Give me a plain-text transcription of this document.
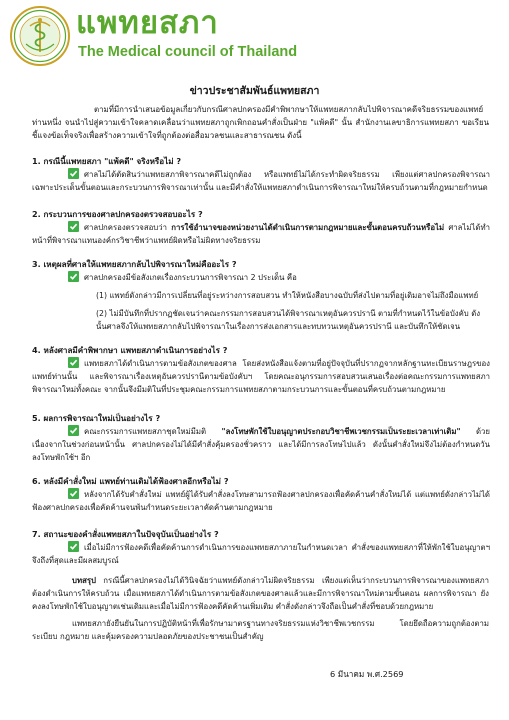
แพทยสภา
The Medical council of Thailand
ข่าวประชาสัมพันธ์แพทยสภา
ตามที่มีการนำเสนอข้อมูลเกี่ยวกับกรณีศาลปกครองมีคำพิพากษาให้แพทยสภากลับไปพิจารณาคดีจริยธรรมของแพทย์ท่านหนึ่ง จนนำไปสู่ความเข้าใจคลาดเคลื่อนว่าแพทยสภาถูกเพิกถอนคำสั่งเป็นฝ่าย "แพ้คดี" นั้น สำนักงานเลขาธิการแพทยสภา ขอเรียนชี้แจงข้อเท็จจริงเพื่อสร้างความเข้าใจที่ถูกต้องต่อสื่อมวลชนและสาธารณชน ดังนี้
1. กรณีนี้แพทยสภา "แพ้คดี" จริงหรือไม่ ?
ศาลไม่ได้ตัดสินว่าแพทยสภาพิจารณาคดีไม่ถูกต้อง หรือแพทย์ไม่ได้กระทำผิดจริยธรรม เพียงแต่ศาลปกครองพิจารณาเฉพาะประเด็นขั้นตอนและกระบวนการพิจารณาเท่านั้น และมีคำสั่งให้แพทยสภาดำเนินการพิจารณาใหม่ให้ครบถ้วนตามที่กฎหมายกำหนด
2. กระบวนการของศาลปกครองตรวจสอบอะไร ?
ศาลปกครองตรวจสอบว่า การใช้อำนาจของหน่วยงานได้ดำเนินการตามกฎหมายและขั้นตอนครบถ้วนหรือไม่ ศาลไม่ได้ทำหน้าที่พิจารณาแทนองค์กรวิชาชีพว่าแพทย์ผิดหรือไม่ผิดทางจริยธรรม
3. เหตุผลที่ศาลให้แพทยสภากลับไปพิจารณาใหม่คืออะไร ?
ศาลปกครองมีข้อสังเกตเรื่องกระบวนการพิจารณา 2 ประเด็น คือ
(1) แพทย์ดังกล่าวมีการเปลี่ยนที่อยู่ระหว่างการสอบสวน ทำให้หนังสือบางฉบับที่ส่งไปตามที่อยู่เดิมอาจไม่ถึงมือแพทย์
(2) ไม่มีบันทึกที่ปรากฏชัดเจนว่าคณะกรรมการสอบสวนได้พิจารณาเหตุอันควรปรานี ตามที่กำหนดไว้ในข้อบังคับ ดังนั้นศาลจึงให้แพทยสภากลับไปพิจารณาในเรื่องการส่งเอกสารและทบทวนเหตุอันควรปรานี และบันทึกให้ชัดเจน
4. หลังศาลมีคำพิพากษา แพทยสภาดำเนินการอย่างไร ?
แพทยสภาได้ดำเนินการตามข้อสังเกตของศาล โดยส่งหนังสือแจ้งตามที่อยู่ปัจจุบันที่ปรากฏจากหลักฐานทะเบียนราษฎรของแพทย์ท่านนั้น และพิจารณาเรื่องเหตุอันควรปรานีตามข้อบังคับฯ โดยคณะอนุกรรมการสอบสวนเสนอเรื่องต่อคณะกรรมการแพทยสภาพิจารณาใหม่ทั้งคณะ จากนั้นจึงมีมติในที่ประชุมคณะกรรมการแพทยสภาตามกระบวนการและขั้นตอนที่ครบถ้วนตามกฎหมาย
5. ผลการพิจารณาใหม่เป็นอย่างไร ?
คณะกรรมการแพทยสภาชุดใหม่มีมติ "ลงโทษพักใช้ใบอนุญาตประกอบวิชาชีพเวชกรรมเป็นระยะเวลาเท่าเดิม" ด้วยเนื่องจากในช่วงก่อนหน้านั้น ศาลปกครองไม่ได้มีคำสั่งคุ้มครองชั่วคราว และได้มีการลงโทษไปแล้ว ดังนั้นคำสั่งใหม่จึงไม่ต้องกำหนดวันลงโทษพักใช้ฯ อีก
6. หลังมีคำสั่งใหม่ แพทย์ท่านเดิมได้ฟ้องศาลอีกหรือไม่ ?
หลังจากได้รับคำสั่งใหม่ แพทย์ผู้ได้รับคำสั่งลงโทษสามารถฟ้องศาลปกครองเพื่อคัดค้านคำสั่งใหม่ได้ แต่แพทย์ดังกล่าวไม่ได้ฟ้องศาลปกครองเพื่อคัดค้านจนพ้นกำหนดระยะเวลาคัดค้านตามกฎหมาย
7. สถานะของคำสั่งแพทยสภาในปัจจุบันเป็นอย่างไร ?
เมื่อไม่มีการฟ้องคดีเพื่อคัดค้านการดำเนินการของแพทยสภาภายในกำหนดเวลา คำสั่งของแพทยสภาที่ให้พักใช้ใบอนุญาตฯ จึงถึงที่สุดและมีผลสมบูรณ์
บทสรุป กรณีนี้ศาลปกครองไม่ได้วินิจฉัยว่าแพทย์ดังกล่าวไม่ผิดจริยธรรม เพียงแต่เห็นว่ากระบวนการพิจารณาของแพทยสภาต้องดำเนินการให้ครบถ้วน เมื่อแพทยสภาได้ดำเนินการตามข้อสังเกตของศาลแล้วและมีการพิจารณาใหม่ตามขั้นตอน ผลการพิจารณา ยังคงลงโทษพักใช้ใบอนุญาตเช่นเดิมและเมื่อไม่มีการฟ้องคดีคัดค้านเพิ่มเติม คำสั่งดังกล่าวจึงถือเป็นคำสั่งที่ชอบด้วยกฎหมาย
แพทยสภายังยืนยันในการปฏิบัติหน้าที่เพื่อรักษามาตรฐานทางจริยธรรมแห่งวิชาชีพเวชกรรม โดยยึดถือความถูกต้องตามระเบียบ กฎหมาย และคุ้มครองความปลอดภัยของประชาชนเป็นสำคัญ
6 มีนาคม พ.ศ.2569
